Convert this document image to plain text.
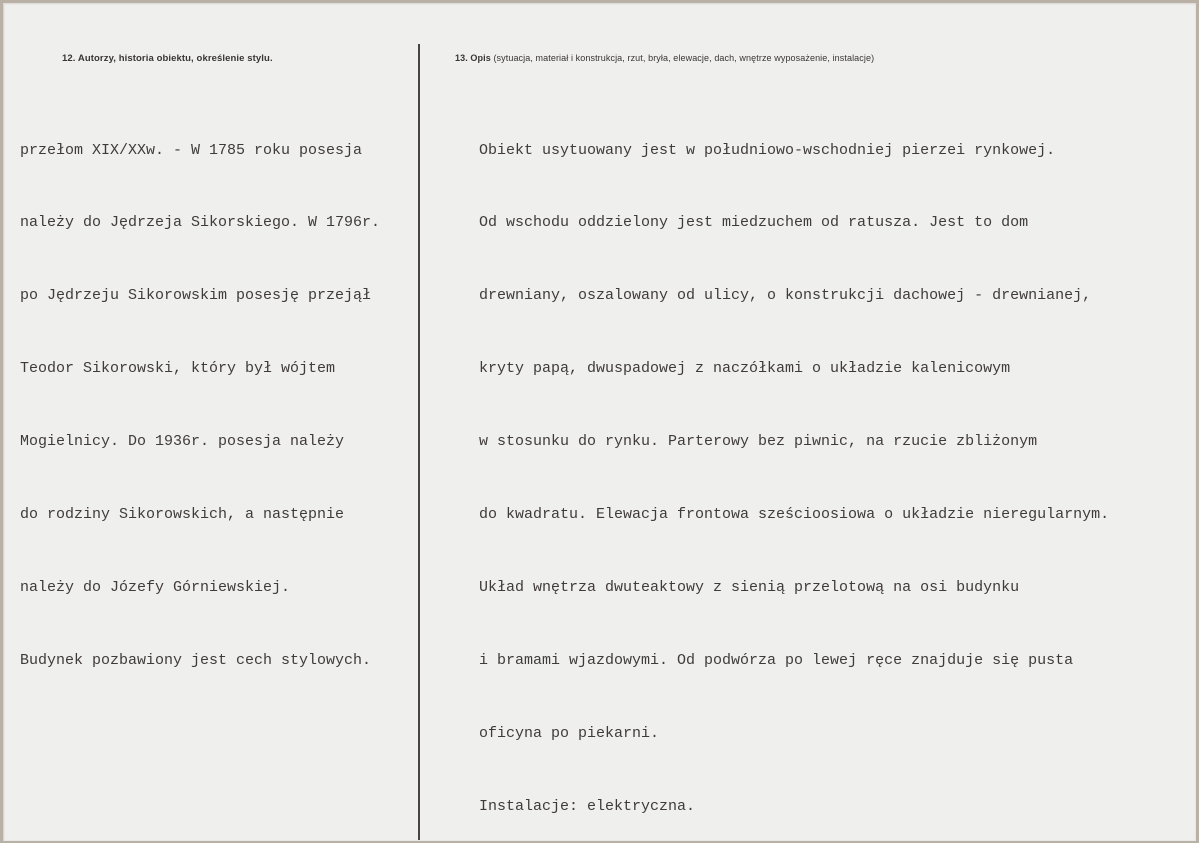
12. Autorzy, historia obiektu, określenie stylu.	13. Opis (sytuacja, materiał i konstrukcja, rzut, bryła, elewacje, dach, wnętrze wyposażenie, instalacje)

przełom XIX/XXw. - W 1785 roku posesja

należy do Jędrzeja Sikorskiego. W 1796r.

po Jędrzeju Sikorowskim posesję przejął

Teodor Sikorowski, który był wójtem

Mogielnicy. Do 1936r. posesja należy

do rodziny Sikorowskich, a następnie

należy do Józefy Górniewskiej.

Budynek pozbawiony jest cech stylowych.

Obiekt usytuowany jest w południowo-wschodniej pierzei rynkowej.

Od wschodu oddzielony jest miedzuchem od ratusza. Jest to dom

drewniany, oszalowany od ulicy, o konstrukcji dachowej - drewnianej,

kryty papą, dwuspadowej z naczółkami o układzie kalenicowym

w stosunku do rynku. Parterowy bez piwnic, na rzucie zbliżonym

do kwadratu. Elewacja frontowa sześcioosiowa o układzie nieregularnym.

Układ wnętrza dwuteaktowy z sienią przelotową na osi budynku

i bramami wjazdowymi. Od podwórza po lewej ręce znajduje się pusta

oficyna po piekarni.

Instalacje: elektryczna.
